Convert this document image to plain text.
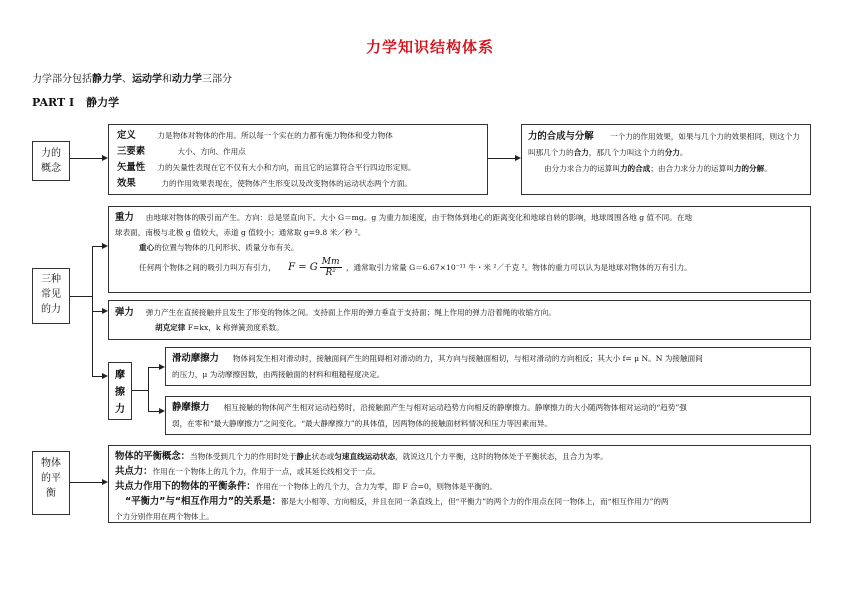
力学知识结构体系
力学部分包括静力学、运动学和动力学三部分
PART I 静力学
力的概念
定义	力是物体对物体的作用。所以每一个实在的力都有施力物体和受力物体
三要素	大小、方向、作用点
矢量性 力的矢量性表现在它不仅有大小和方向，而且它的运算符合平行四边形定则。
效果	力的作用效果表现在，使物体产生形变以及改变物体的运动状态两个方面。
力的合成与分解 一个力的作用效果，如果与几个力的效果相同，则这个力叫那几个力的合力，那几个力叫这个力的分力。
由分力求合力的运算叫力的合成；由合力求分力的运算叫力的分解。
三种常见的力
重力 由地球对物体的吸引而产生。方向：总是竖直向下。大小 G＝mg。g 为重力加速度，由于物体到地心的距离变化和地球自转的影响，地球周围各地 g 值不同。在地
球表面，南极与北极 g 值较大，赤道 g 值较小；通常取 g=9.8 米／秒 ²。
重心的位置与物体的几何形状、质量分布有关。
任何两个物体之间的吸引力叫万有引力， F = G $\frac{Mm}{\text{R²}}$ ，通常取引力常量 G＝6.67×10⁻¹¹ 牛・米 ²／千克 ²。物体的重力可以认为是地球对物体的万有引力。
弹力 弹力产生在直接接触并且发生了形变的物体之间。支持面上作用的弹力垂直于支持面；绳上作用的弹力沿着绳的收缩方向。
胡克定律 F=kx，k 称弹簧劲度系数。
摩擦力
滑动摩擦力 物体间发生相对滑动时，接触面间产生的阻碍相对滑动的力，其方向与接触面相切，与相对滑动的方向相反；其大小 f= μ N。N 为接触面间
的压力，μ 为动摩擦因数，由两接触面的材料和粗糙程度决定。
静摩擦力 相互接触的物体间产生相对运动趋势时，沿接触面产生与相对运动趋势方向相反的静摩擦力。静摩擦力的大小随两物体相对运动的“趋势”强
弱，在零和“最大静摩擦力”之间变化。“最大静摩擦力”的具体值，因两物体的接触面材料情况和压力等因素而异。
物体的平衡
物体的平衡概念：当物体受到几个力的作用时处于静止状态或匀速直线运动状态，就说这几个力平衡，这时的物体处于平衡状态，且合力为零。
共点力：作用在一个物体上的几个力，作用于一点，或其延长线相交于一点。
共点力作用下的物体的平衡条件：作用在一个物体上的几个力，合力为零，即 F 合=0，则物体是平衡的。
“平衡力”与“相互作用力”的关系是：都是大小相等、方向相反，并且在同一条直线上，但“平衡力”的两个力的作用点在同一物体上，而“相互作用力”的两
个力分别作用在两个物体上。
